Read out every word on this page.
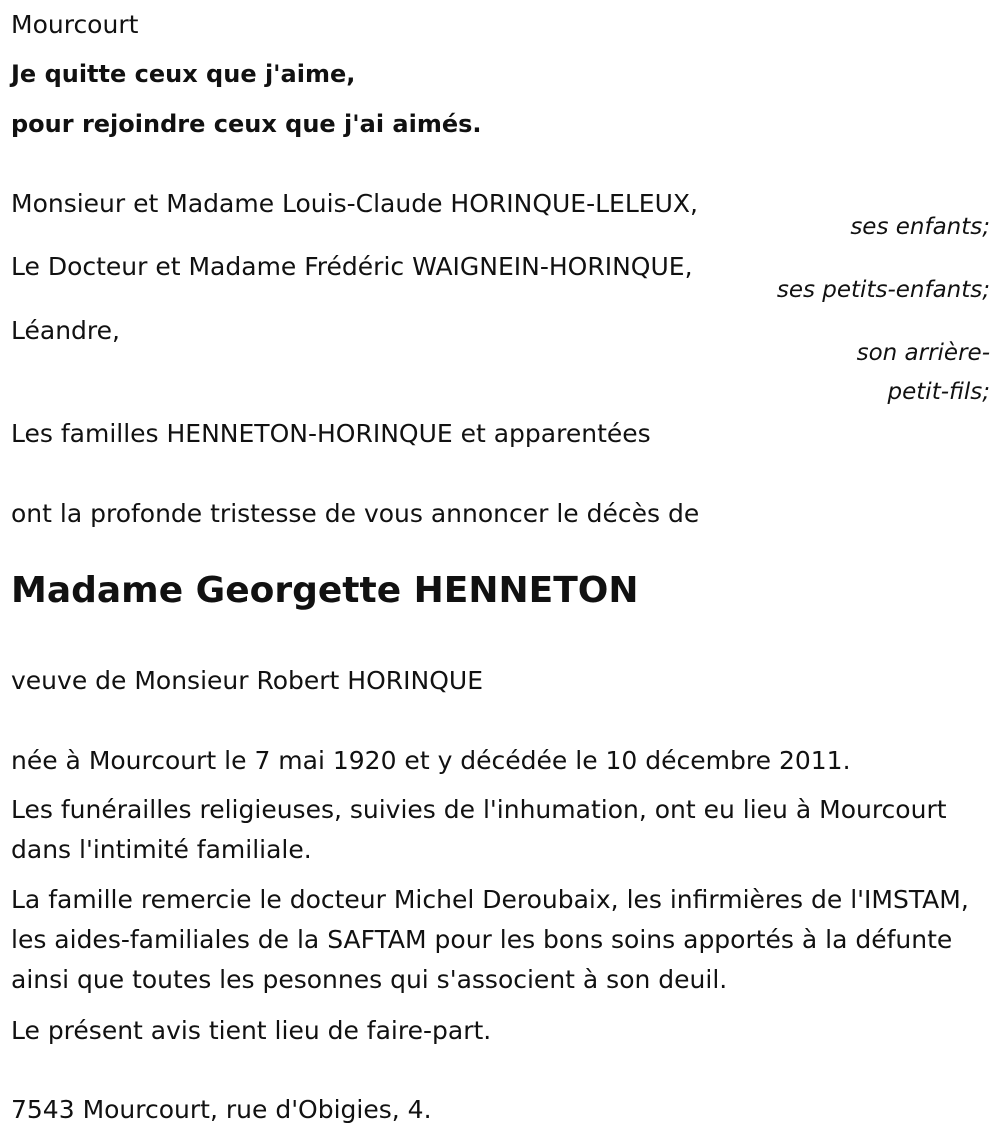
Mourcourt
Je quitte ceux que j'aime,
pour rejoindre ceux que j'ai aimés.
Monsieur et Madame Louis-Claude HORINQUE-LELEUX,
ses enfants;
Le Docteur et Madame Frédéric WAIGNEIN-HORINQUE,
ses petits-enfants;
Léandre,
son arrière-
petit-fils;
Les familles HENNETON-HORINQUE et apparentées
ont la profonde tristesse de vous annoncer le décès de
Madame Georgette HENNETON
veuve de Monsieur Robert HORINQUE
née à Mourcourt le 7 mai 1920 et y décédée le 10 décembre 2011.
Les funérailles religieuses, suivies de l'inhumation, ont eu lieu à Mourcourt dans l'intimité familiale.
La famille remercie le docteur Michel Deroubaix, les infirmières de l'IMSTAM, les aides-familiales de la SAFTAM pour les bons soins apportés à la défunte ainsi que toutes les pesonnes qui s'associent à son deuil.
Le présent avis tient lieu de faire-part.
7543 Mourcourt, rue d'Obigies, 4.
